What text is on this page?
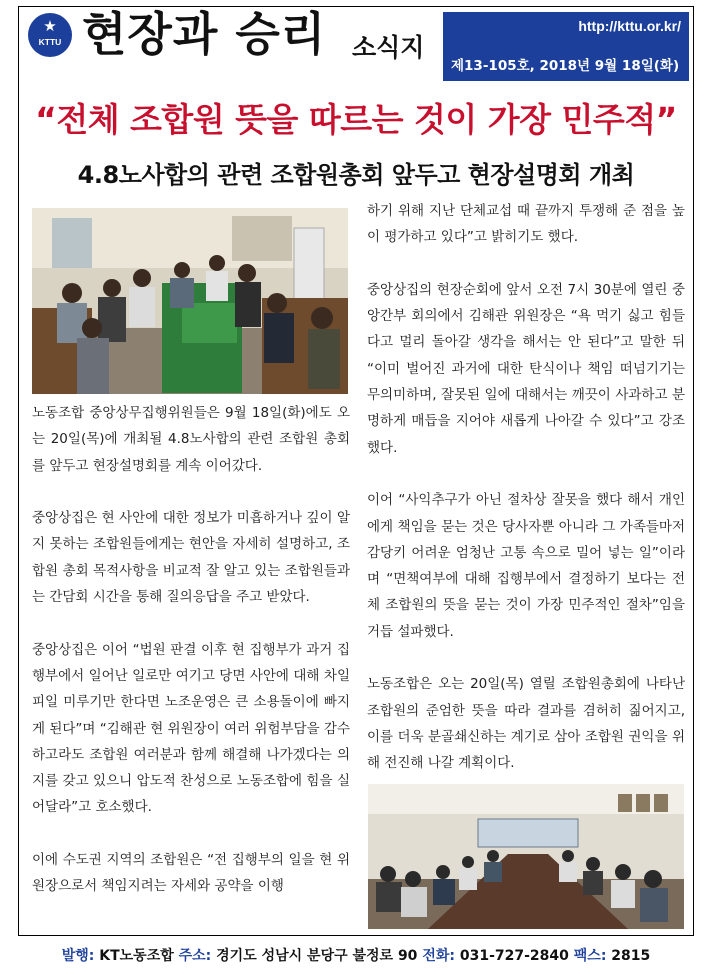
★
KTTU 현장과 승리 소식지
http://kttu.or.kr/
제13-105호, 2018년 9월 18일(화)
“전체 조합원 뜻을 따르는 것이 가장 민주적”
4.8노사합의 관련 조합원총회 앞두고 현장설명회 개최

노동조합 중앙상무집행위원들은 9월 18일(화)에도 오는 20일(목)에 개최될 4.8노사합의 관련 조합원 총회를 앞두고 현장설명회를 계속 이어갔다.

중앙상집은 현 사안에 대한 정보가 미흡하거나 깊이 알지 못하는 조합원들에게는 현안을 자세히 설명하고, 조합원 총회 목적사항을 비교적 잘 알고 있는 조합원들과는 간담회 시간을 통해 질의응답을 주고 받았다.

중앙상집은 이어 “법원 판결 이후 현 집행부가 과거 집행부에서 일어난 일로만 여기고 당면 사안에 대해 차일피일 미루기만 한다면 노조운영은 큰 소용돌이에 빠지게 된다”며 “김해관 현 위원장이 여러 위험부담을 감수하고라도 조합원 여러분과 함께 해결해 나가겠다는 의지를 갖고 있으니 압도적 찬성으로 노동조합에 힘을 실어달라”고 호소했다.

이에 수도권 지역의 조합원은 “전 집행부의 일을 현 위원장으로서 책임지려는 자세와 공약을 이행

하기 위해 지난 단체교섭 때 끝까지 투쟁해 준 점을 높이 평가하고 있다”고 밝히기도 했다.

중앙상집의 현장순회에 앞서 오전 7시 30분에 열린 중앙간부 회의에서 김해관 위원장은 “욕 먹기 싫고 힘들다고 멀리 돌아갈 생각을 해서는 안 된다”고 말한 뒤 “이미 벌어진 과거에 대한 탄식이나 책임 떠넘기기는 무의미하며, 잘못된 일에 대해서는 깨끗이 사과하고 분명하게 매듭을 지어야 새롭게 나아갈 수 있다”고 강조했다.

이어 “사익추구가 아닌 절차상 잘못을 했다 해서 개인에게 책임을 묻는 것은 당사자뿐 아니라 그 가족들마저 감당키 어려운 엄청난 고통 속으로 밀어 넣는 일”이라며 “면책여부에 대해 집행부에서 결정하기 보다는 전체 조합원의 뜻을 묻는 것이 가장 민주적인 절차”임을 거듭 설파했다.

노동조합은 오는 20일(목) 열릴 조합원총회에 나타난 조합원의 준엄한 뜻을 따라 결과를 겸허히 짊어지고, 이를 더욱 분골쇄신하는 계기로 삼아 조합원 권익을 위해 전진해 나갈 계획이다.

발행: KT노동조합 주소: 경기도 성남시 분당구 불정로 90 전화: 031-727-2840 팩스: 2815
